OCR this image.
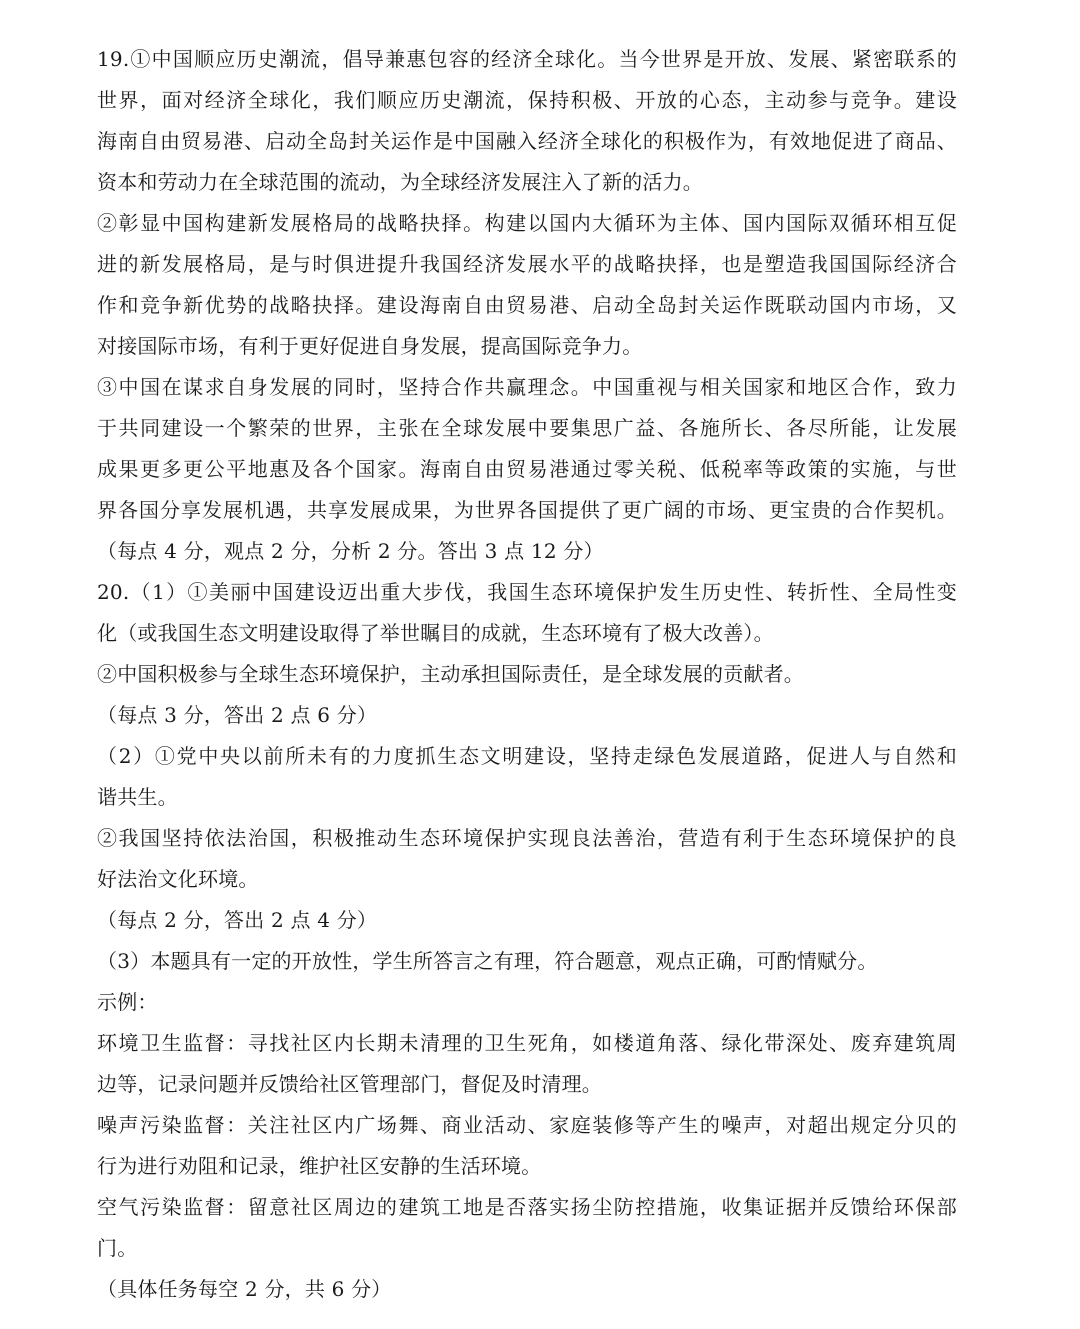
19.①中国顺应历史潮流，倡导兼惠包容的经济全球化。当今世界是开放、发展、紧密联系的
世界，面对经济全球化，我们顺应历史潮流，保持积极、开放的心态，主动参与竞争。建设
海南自由贸易港、启动全岛封关运作是中国融入经济全球化的积极作为，有效地促进了商品、
资本和劳动力在全球范围的流动，为全球经济发展注入了新的活力。
②彰显中国构建新发展格局的战略抉择。构建以国内大循环为主体、国内国际双循环相互促
进的新发展格局，是与时俱进提升我国经济发展水平的战略抉择，也是塑造我国国际经济合
作和竞争新优势的战略抉择。建设海南自由贸易港、启动全岛封关运作既联动国内市场，又
对接国际市场，有利于更好促进自身发展，提高国际竞争力。
③中国在谋求自身发展的同时，坚持合作共赢理念。中国重视与相关国家和地区合作，致力
于共同建设一个繁荣的世界，主张在全球发展中要集思广益、各施所长、各尽所能，让发展
成果更多更公平地惠及各个国家。海南自由贸易港通过零关税、低税率等政策的实施，与世
界各国分享发展机遇，共享发展成果，为世界各国提供了更广阔的市场、更宝贵的合作契机。
（每点 4 分，观点 2 分，分析 2 分。答出 3 点 12 分）
20.（1）①美丽中国建设迈出重大步伐，我国生态环境保护发生历史性、转折性、全局性变
化（或我国生态文明建设取得了举世瞩目的成就，生态环境有了极大改善）。
②中国积极参与全球生态环境保护，主动承担国际责任，是全球发展的贡献者。
（每点 3 分，答出 2 点 6 分）
（2）①党中央以前所未有的力度抓生态文明建设，坚持走绿色发展道路，促进人与自然和
谐共生。
②我国坚持依法治国，积极推动生态环境保护实现良法善治，营造有利于生态环境保护的良
好法治文化环境。
（每点 2 分，答出 2 点 4 分）
（3）本题具有一定的开放性，学生所答言之有理，符合题意，观点正确，可酌情赋分。
示例：
环境卫生监督：寻找社区内长期未清理的卫生死角，如楼道角落、绿化带深处、废弃建筑周
边等，记录问题并反馈给社区管理部门，督促及时清理。
噪声污染监督：关注社区内广场舞、商业活动、家庭装修等产生的噪声，对超出规定分贝的
行为进行劝阻和记录，维护社区安静的生活环境。
空气污染监督：留意社区周边的建筑工地是否落实扬尘防控措施，收集证据并反馈给环保部
门。
（具体任务每空 2 分，共 6 分）
